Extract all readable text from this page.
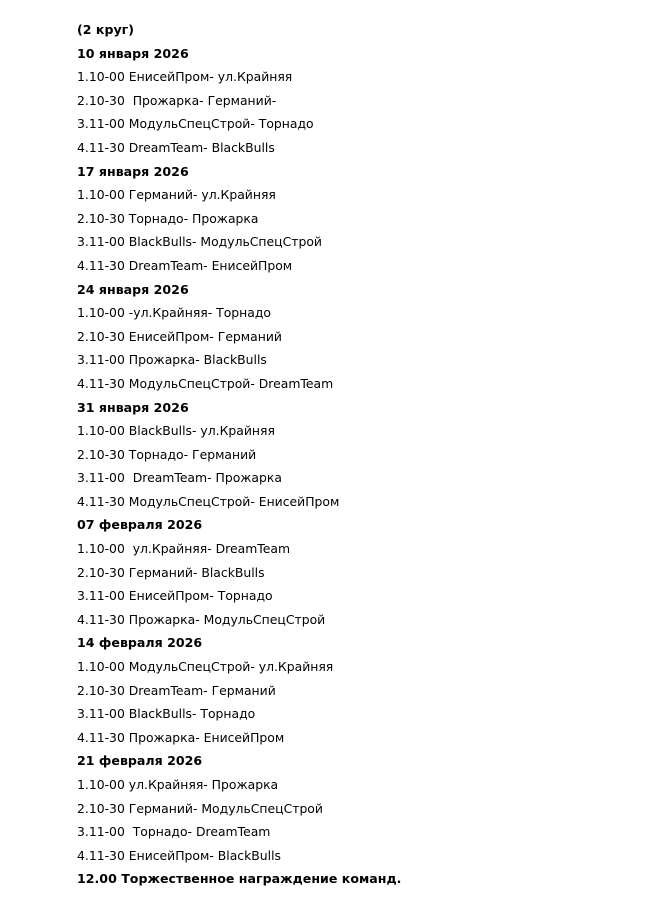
(2 круг)
10 января 2026
1.10-00 ЕнисейПром- ул.Крайняя
2.10-30  Прожарка- Германий-
3.11-00 МодульСпецСтрой- Торнадо
4.11-30 DreamTeam- BlackBulls
17 января 2026
1.10-00 Германий- ул.Крайняя
2.10-30 Торнадо- Прожарка
3.11-00 BlackBulls- МодульСпецСтрой
4.11-30 DreamTeam- ЕнисейПром
24 января 2026
1.10-00 -ул.Крайняя- Торнадо
2.10-30 ЕнисейПром- Германий
3.11-00 Прожарка- BlackBulls
4.11-30 МодульСпецСтрой- DreamTeam
31 января 2026
1.10-00 BlackBulls- ул.Крайняя
2.10-30 Торнадо- Германий
3.11-00  DreamTeam- Прожарка
4.11-30 МодульСпецСтрой- ЕнисейПром
07 февраля 2026
1.10-00  ул.Крайняя- DreamTeam
2.10-30 Германий- BlackBulls
3.11-00 ЕнисейПром- Торнадо
4.11-30 Прожарка- МодульСпецСтрой
14 февраля 2026
1.10-00 МодульСпецСтрой- ул.Крайняя
2.10-30 DreamTeam- Германий
3.11-00 BlackBulls- Торнадо
4.11-30 Прожарка- ЕнисейПром
21 февраля 2026
1.10-00 ул.Крайняя- Прожарка
2.10-30 Германий- МодульСпецСтрой
3.11-00  Торнадо- DreamTeam
4.11-30 ЕнисейПром- BlackBulls
12.00 Торжественное награждение команд.
